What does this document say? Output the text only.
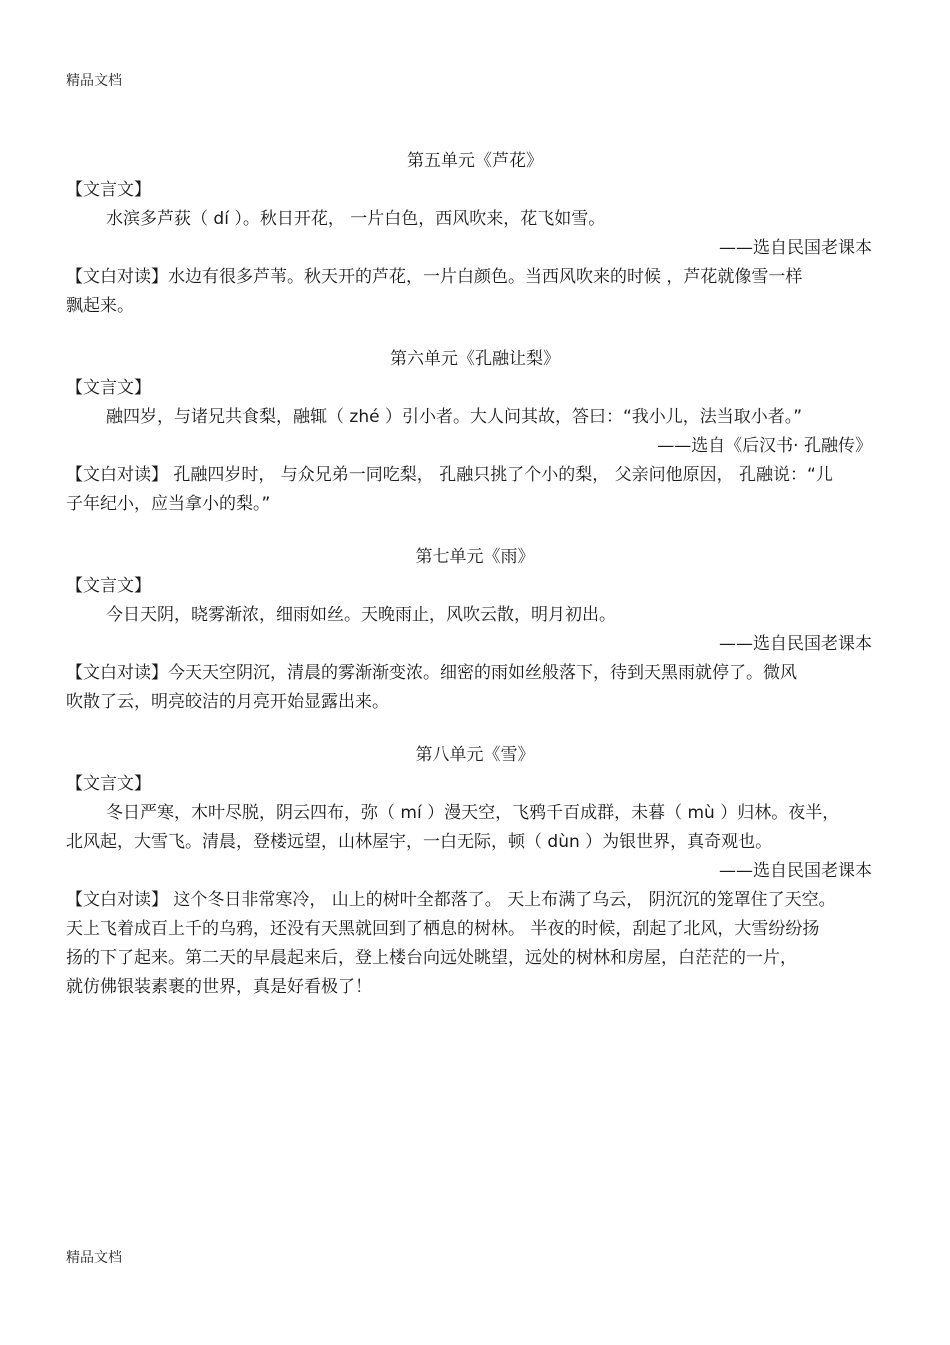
精品文档
第五单元《芦花》
【文言文】
水滨多芦荻（ dí ）。秋日开花， 一片白色，西风吹来，花飞如雪。
——选自民国老课本
【文白对读】水边有很多芦苇。秋天开的芦花，一片白颜色。当西风吹来的时候 ，芦花就像雪一样
飘起来。
第六单元《孔融让梨》
【文言文】
融四岁，与诸兄共食梨，融辄（ zhé ）引小者。大人问其故，答曰：“我小儿，法当取小者。”
——选自《后汉书· 孔融传》
【文白对读】 孔融四岁时， 与众兄弟一同吃梨， 孔融只挑了个小的梨， 父亲问他原因， 孔融说：“儿
子年纪小，应当拿小的梨。”
第七单元《雨》
【文言文】
今日天阴，晓雾渐浓，细雨如丝。天晚雨止，风吹云散，明月初出。
——选自民国老课本
【文白对读】今天天空阴沉，清晨的雾渐渐变浓。细密的雨如丝般落下，待到天黑雨就停了。微风
吹散了云，明亮皎洁的月亮开始显露出来。
第八单元《雪》
【文言文】
冬日严寒，木叶尽脱，阴云四布，弥（ mí ）漫天空，飞鸦千百成群，未暮（ mù ）归林。夜半，
北风起，大雪飞。清晨，登楼远望，山林屋宇，一白无际，顿（ dùn ）为银世界，真奇观也。
——选自民国老课本
【文白对读】 这个冬日非常寒冷， 山上的树叶全都落了。 天上布满了乌云， 阴沉沉的笼罩住了天空。
天上飞着成百上千的乌鸦，还没有天黑就回到了栖息的树林。 半夜的时候，刮起了北风，大雪纷纷扬
扬的下了起来。第二天的早晨起来后，登上楼台向远处眺望，远处的树林和房屋，白茫茫的一片，
就仿佛银装素裹的世界，真是好看极了！
精品文档
